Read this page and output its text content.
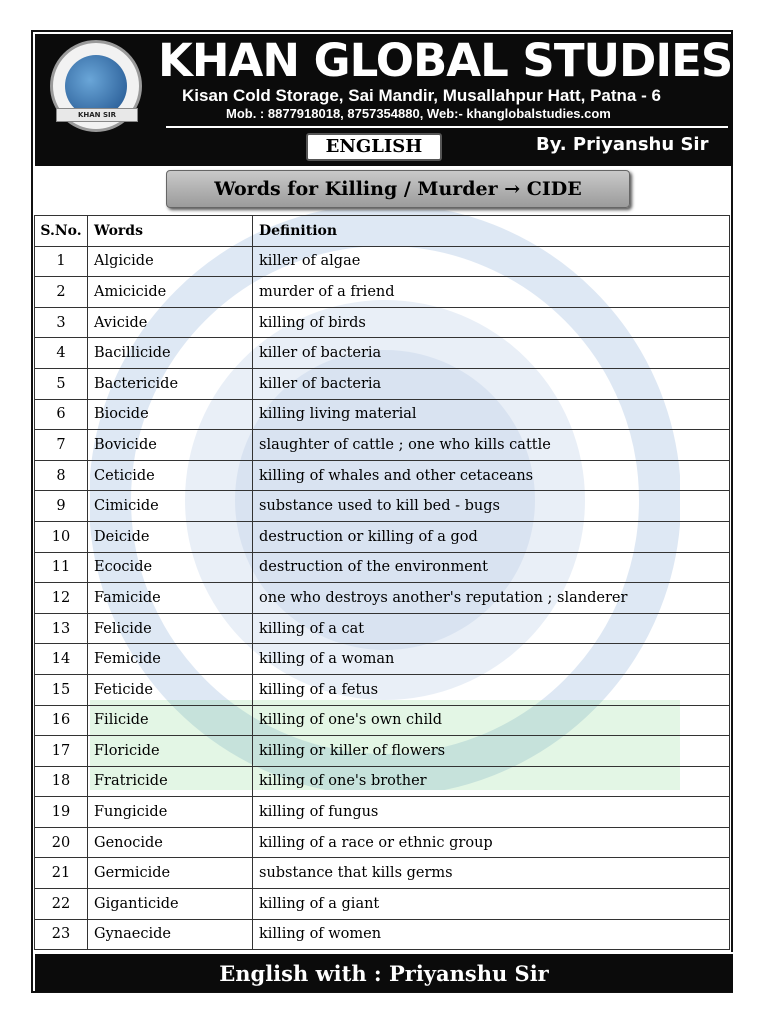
KHAN SIR
KHAN GLOBAL STUDIES
Kisan Cold Storage, Sai Mandir, Musallahpur Hatt, Patna - 6
Mob. : 8877918018, 8757354880, Web:- khanglobalstudies.com
ENGLISH	By. Priyanshu Sir
Words for Killing / Murder → CIDE
S.No.	Words	Definition
1	Algicide	killer of algae
2	Amicicide	murder of a friend
3	Avicide	killing of birds
4	Bacillicide	killer of bacteria
5	Bactericide	killer of bacteria
6	Biocide	killing living material
7	Bovicide	slaughter of cattle ; one who kills cattle
8	Ceticide	killing of whales and other cetaceans
9	Cimicide	substance used to kill bed - bugs
10	Deicide	destruction or killing of a god
11	Ecocide	destruction of the environment
12	Famicide	one who destroys another's reputation ; slanderer
13	Felicide	killing of a cat
14	Femicide	killing of a woman
15	Feticide	killing of a fetus
16	Filicide	killing of one's own child
17	Floricide	killing or killer of flowers
18	Fratricide	killing of one's brother
19	Fungicide	killing of fungus
20	Genocide	killing of a race or ethnic group
21	Germicide	substance that kills germs
22	Giganticide	killing of a giant
23	Gynaecide	killing of women
English with : Priyanshu Sir
